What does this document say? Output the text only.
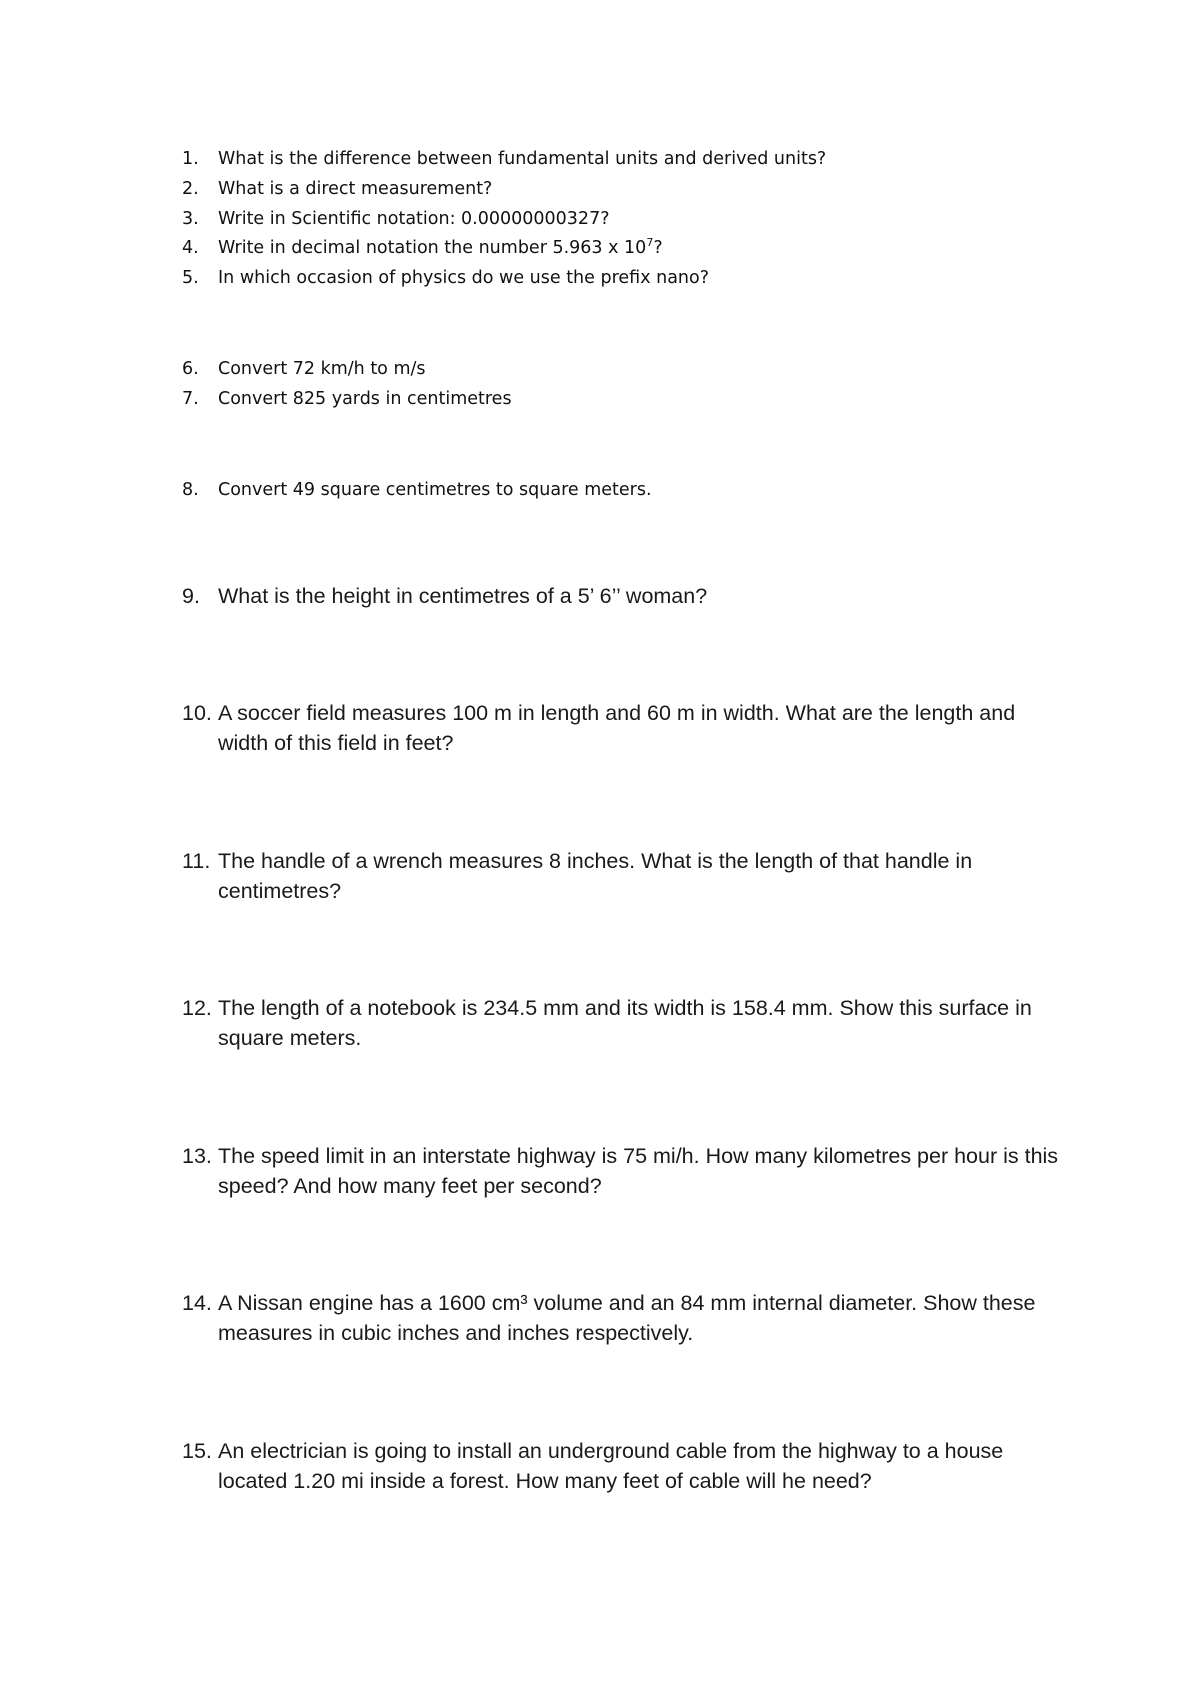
1.	What is the difference between fundamental units and derived units?
2.	What is a direct measurement?
3.	Write in Scientific notation: 0.00000000327?
4.	Write in decimal notation the number 5.963 x $10^7$?
5.	In which occasion of physics do we use the prefix nano?
6.	Convert 72 km/h to m/s
7.	Convert 825 yards in centimetres
8.	Convert 49 square centimetres to square meters.
9. What is the height in centimetres of a 5’ 6’’ woman?
10. A soccer field measures 100 m in length and 60 m in width. What are the length and width of this field in feet?
11. The handle of a wrench measures 8 inches. What is the length of that handle in centimetres?
12. The length of a notebook is 234.5 mm and its width is 158.4 mm. Show this surface in square meters.
13. The speed limit in an interstate highway is 75 mi/h. How many kilometres per hour is this speed? And how many feet per second?
14. A Nissan engine has a 1600 cm³ volume and an 84 mm internal diameter. Show these measures in cubic inches and inches respectively.
15. An electrician is going to install an underground cable from the highway to a house located 1.20 mi inside a forest. How many feet of cable will he need?
